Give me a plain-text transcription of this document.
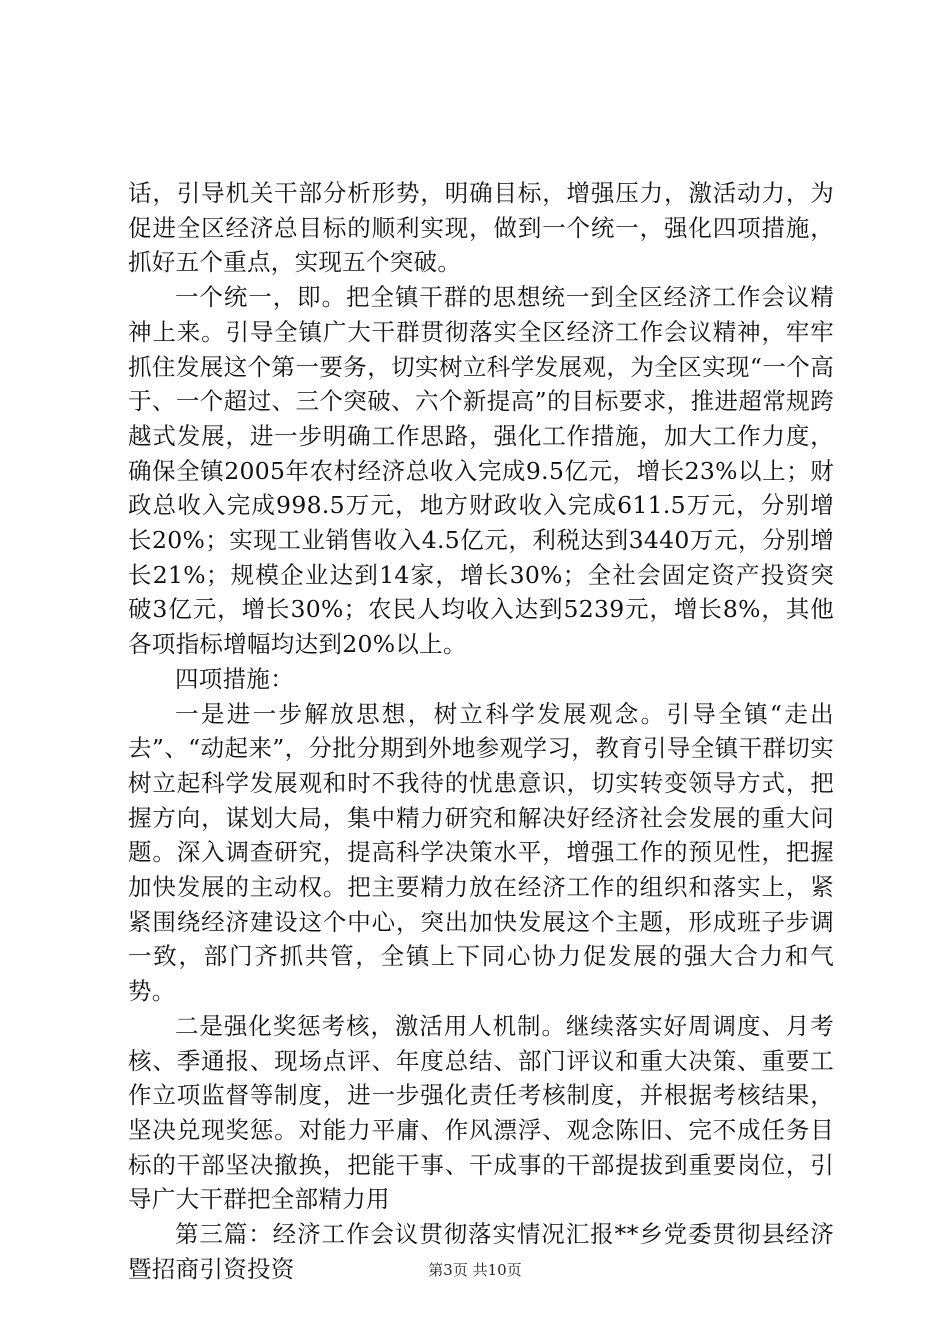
话，引导机关干部分析形势，明确目标，增强压力，激活动力，为促进全区经济总目标的顺利实现，做到一个统一，强化四项措施，抓好五个重点，实现五个突破。

一个统一，即。把全镇干群的思想统一到全区经济工作会议精神上来。引导全镇广大干群贯彻落实全区经济工作会议精神，牢牢抓住发展这个第一要务，切实树立科学发展观，为全区实现“一个高于、一个超过、三个突破、六个新提高”的目标要求，推进超常规跨越式发展，进一步明确工作思路，强化工作措施，加大工作力度，确保全镇2005年农村经济总收入完成9.5亿元，增长23%以上；财政总收入完成998.5万元，地方财政收入完成611.5万元，分别增长20%；实现工业销售收入4.5亿元，利税达到3440万元，分别增长21%；规模企业达到14家，增长30%；全社会固定资产投资突破3亿元，增长30%；农民人均收入达到5239元，增长8%，其他各项指标增幅均达到20%以上。

四项措施：

一是进一步解放思想，树立科学发展观念。引导全镇“走出去”、“动起来”，分批分期到外地参观学习，教育引导全镇干群切实树立起科学发展观和时不我待的忧患意识，切实转变领导方式，把握方向，谋划大局，集中精力研究和解决好经济社会发展的重大问题。深入调查研究，提高科学决策水平，增强工作的预见性，把握加快发展的主动权。把主要精力放在经济工作的组织和落实上，紧紧围绕经济建设这个中心，突出加快发展这个主题，形成班子步调一致，部门齐抓共管，全镇上下同心协力促发展的强大合力和气势。

二是强化奖惩考核，激活用人机制。继续落实好周调度、月考核、季通报、现场点评、年度总结、部门评议和重大决策、重要工作立项监督等制度，进一步强化责任考核制度，并根据考核结果，坚决兑现奖惩。对能力平庸、作风漂浮、观念陈旧、完不成任务目标的干部坚决撤换，把能干事、干成事的干部提拔到重要岗位，引导广大干群把全部精力用

第三篇：经济工作会议贯彻落实情况汇报**乡党委贯彻县经济暨招商引资投资	第3页 共10页
